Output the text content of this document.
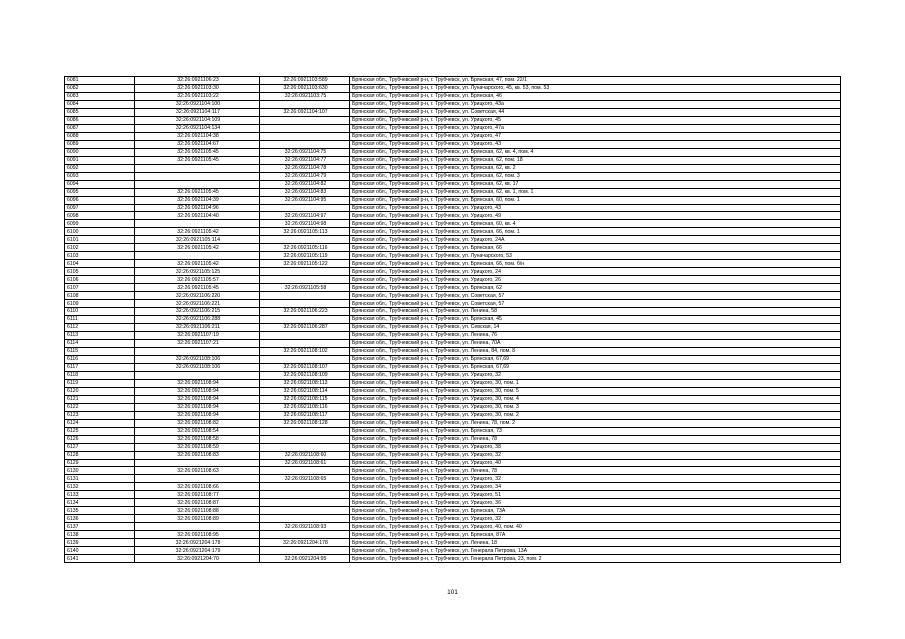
6081	32:26:0921106:23	32:26:0921103:589	Брянская обл., Трубчевский р-н, г. Трубчевск, ул. Брянская, 47, пом. 22/1
6082	32:26:0921103:30	32:26:0921103:630	Брянская обл., Трубчевский р-н, г. Трубчевск, ул. Луначарского, 45, кв. 53, пом. 53
6083	32:26:0921103:22	32:26:0921103:75	Брянская обл., Трубчевский р-н, г. Трубчевск, ул. Брянская, 46
6084	32:26:0921104:100		Брянская обл., Трубчевский р-н, г. Трубчевск, ул. Урицкого, 43а
6085	32:26:0921104:117	32:26:0921104:107	Брянская обл., Трубчевский р-н, г. Трубчевск, ул. Советская, 44
6086	32:26:0921104:109		Брянская обл., Трубчевский р-н, г. Трубчевск, ул. Урицкого, 45
6087	32:26:0921104:134		Брянская обл., Трубчевский р-н, г. Трубчевск, ул. Урицкого, 47а
6088	32:26:0921104:38		Брянская обл., Трубчевский р-н, г. Трубчевск, ул. Урицкого, 47
6089	32:26:0921104:67		Брянская обл., Трубчевский р-н, г. Трубчевск, ул. Урицкого, 43
6090	32:26:0921105:45	32:26:0921104:75	Брянская обл., Трубчевский р-н, г. Трубчевск, ул. Брянская, 62, кв. 4, пом. 4
6091	32:26:0921105:45	32:26:0921104:77	Брянская обл., Трубчевский р-н, г. Трубчевск, ул. Брянская, 62, пом. 18
6092		32:26:0921104:78	Брянская обл., Трубчевский р-н, г. Трубчевск, ул. Брянская, 62, кв. 2
6093		32:26:0921104:79	Брянская обл., Трубчевский р-н, г. Трубчевск, ул. Брянская, 62, пом. 3
6094		32:26:0921104:82	Брянская обл., Трубчевский р-н, г. Трубчевск, ул. Брянская, 62, кв. 17
6095	32:26:0921105:45	32:26:0921104:83	Брянская обл., Трубчевский р-н, г. Трубчевск, ул. Брянская, 62, кв. 1, пом. 1
6096	32:26:0921104:39	32:26:0921104:95	Брянская обл., Трубчевский р-н, г. Трубчевск, ул. Брянская, 60, пом. 1
6097	32:26:0921104:96		Брянская обл., Трубчевский р-н, г. Трубчевск, ул. Урицкого, 43
6098	32:26:0921104:40	32:26:0921104:97	Брянская обл., Трубчевский р-н, г. Трубчевск, ул. Урицкого, 49
6099		32:26:0921104:98	Брянская обл., Трубчевский р-н, г. Трубчевск, ул. Брянская, 60, кв. 4
6100	32:26:0921105:42	32:26:0921105:113	Брянская обл., Трубчевский р-н, г. Трубчевск, ул. Брянская, 66, пом. 1
6101	32:26:0921105:114		Брянская обл., Трубчевский р-н, г. Трубчевск, ул. Урицкого, 24А
6102	32:26:0921105:42	32:26:0921105:116	Брянская обл., Трубчевский р-н, г. Трубчевск, ул. Брянская, 66
6103		32:26:0921105:119	Брянская обл., Трубчевский р-н, г. Трубчевск, ул. Луначарского, 53
6104	32:26:0921105:42	32:26:0921105:122	Брянская обл., Трубчевский р-н, г. Трубчевск, ул. Брянская, 66, пом. б/н
6105	32:26:0921105:125		Брянская обл., Трубчевский р-н, г. Трубчевск, ул. Урицкого, 24
6106	32:26:0921105:57		Брянская обл., Трубчевский р-н, г. Трубчевск, ул. Урицкого, 26
6107	32:26:0921105:45	32:26:0921105:58	Брянская обл., Трубчевский р-н, г. Трубчевск, ул. Брянская, 62
6108	32:26:0921106:220		Брянская обл., Трубчевский р-н, г. Трубчевск, ул. Советская, 57
6109	32:26:0921106:221		Брянская обл., Трубчевский р-н, г. Трубчевск, ул. Советская, 57
6110	32:26:0921106:215	32:26:0921106:223	Брянская обл., Трубчевский р-н, г. Трубчевск, ул. Ленина, 58
6111	32:26:0921106:288		Брянская обл., Трубчевский р-н, г. Трубчевск, ул. Брянская, 45
6112	32:26:0921106:211	32:26:0921106:287	Брянская обл., Трубчевский р-н, г. Трубчевск, ул. Севская, 14
6113	32:26:0921107:19		Брянская обл., Трубчевский р-н, г. Трубчевск, ул. Ленина, 76
6114	32:26:0921107:21		Брянская обл., Трубчевский р-н, г. Трубчевск, ул. Ленина, 70А
6115		32:26:0921108:102	Брянская обл., Трубчевский р-н, г. Трубчевск, ул. Ленина, 84, пом. 8
6116	32:26:0921108:106		Брянская обл., Трубчевский р-н, г. Трубчевск, ул. Брянская, 67,69
6117	32:26:0921108:106	32:26:0921108:107	Брянская обл., Трубчевский р-н, г. Трубчевск, ул. Брянская, 67,69
6118		32:26:0921108:109	Брянская обл., Трубчевский р-н, г. Трубчевск, ул. Урицкого, 32
6119	32:26:0921108:94	32:26:0921108:113	Брянская обл., Трубчевский р-н, г. Трубчевск, ул. Урицкого, 30, пом. 1
6120	32:26:0921108:94	32:26:0921108:114	Брянская обл., Трубчевский р-н, г. Трубчевск, ул. Урицкого, 30, пом. 5
6121	32:26:0921108:94	32:26:0921108:115	Брянская обл., Трубчевский р-н, г. Трубчевск, ул. Урицкого, 30, пом. 4
6122	32:26:0921108:94	32:26:0921108:116	Брянская обл., Трубчевский р-н, г. Трубчевск, ул. Урицкого, 30, пом. 3
6123	32:26:0921108:94	32:26:0921108:117	Брянская обл., Трубчевский р-н, г. Трубчевск, ул. Урицкого, 30, пом. 2
6124	32:26:0921108:82	32:26:0921108:128	Брянская обл., Трубчевский р-н, г. Трубчевск, ул. Ленина, 78, пом. 2
6125	32:26:0921108:54		Брянская обл., Трубчевский р-н, г. Трубчевск, ул. Брянская, 73
6126	32:26:0921108:58		Брянская обл., Трубчевский р-н, г. Трубчевск, ул. Ленина, 78
6127	32:26:0921108:59		Брянская обл., Трубчевский р-н, г. Трубчевск, ул. Урицкого, 38
6128	32:26:0921108:83	32:26:0921108:60	Брянская обл., Трубчевский р-н, г. Трубчевск, ул. Урицкого, 32
6129		32:26:0921108:61	Брянская обл., Трубчевский р-н, г. Трубчевск, ул. Урицкого, 40
6130	32:26:0921108:63		Брянская обл., Трубчевский р-н, г. Трубчевск, ул. Ленина, 78
6131		32:26:0921108:65	Брянская обл., Трубчевский р-н, г. Трубчевск, ул. Урицкого, 32
6132	32:26:0921108:66		Брянская обл., Трубчевский р-н, г. Трубчевск, ул. Урицкого, 34
6133	32:26:0921108:77		Брянская обл., Трубчевский р-н, г. Трубчевск, ул. Урицкого, 51
6134	32:26:0921108:87		Брянская обл., Трубчевский р-н, г. Трубчевск, ул. Урицкого, 36
6135	32:26:0921108:88		Брянская обл., Трубчевский р-н, г. Трубчевск, ул. Брянская, 73А
6136	32:26:0921108:89		Брянская обл., Трубчевский р-н, г. Трубчевск, ул. Урицкого, 32
6137		32:26:0921108:93	Брянская обл., Трубчевский р-н, г. Трубчевск, ул. Урицкого, 40, пом. 40
6138	32:26:0921108:95		Брянская обл., Трубчевский р-н, г. Трубчевск, ул. Брянская, 87А
6139	32:26:0921204:178	32:26:0921204:178	Брянская обл., Трубчевский р-н, г. Трубчевск, ул. Ленина, 18
6140	32:26:0921204:179		Брянская обл., Трубчевский р-н, г. Трубчевск, ул. Генерала Петрова, 13А
6141	32:26:0921204:70	32:26:0921204:95	Брянская обл., Трубчевский р-н, г. Трубчевск, ул. Генерала Петрова, 23, пом. 2
101
